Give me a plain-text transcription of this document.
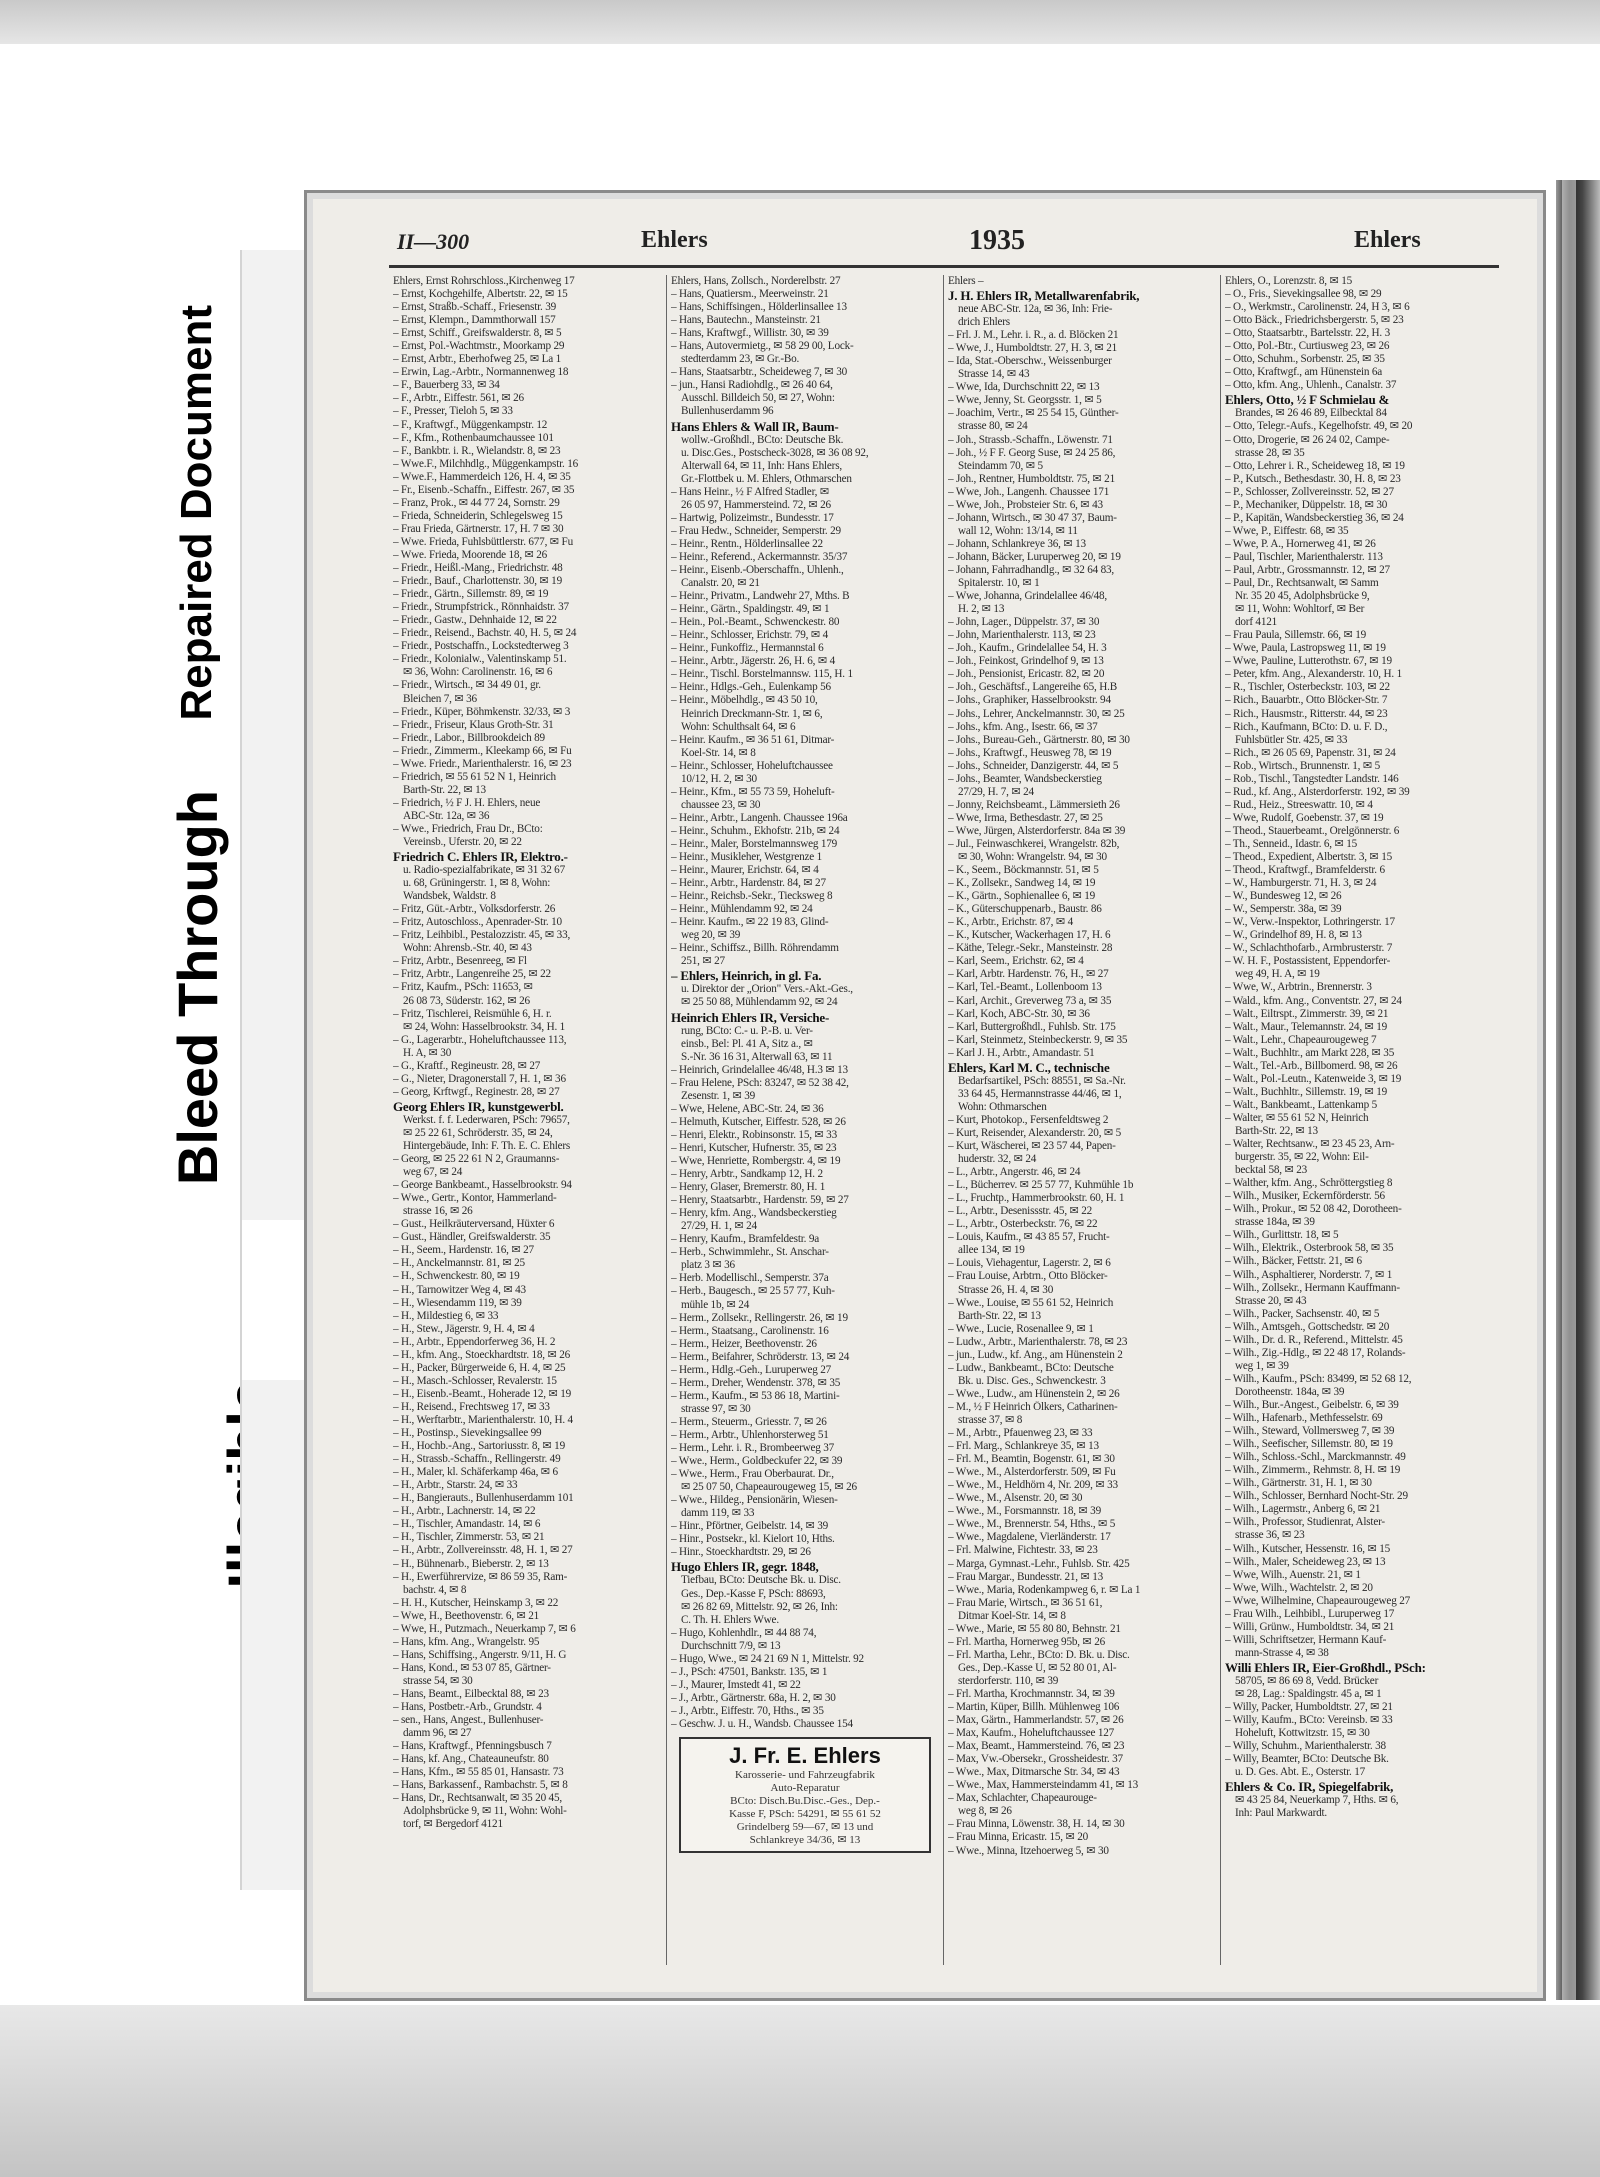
Bleed Through
Repaired Document
II—300	Ehlers	1935	Ehlers
Ehlers, Ernst Rohrschloss.,Kirchenweg 17
– Ernst, Kochgehilfe, Albertstr. 22, ✉ 15
– Ernst, Straßb.-Schaff., Friesenstr. 39
– Ernst, Klempn., Dammthorwall 157
– Ernst, Schiff., Greifswalderstr. 8, ✉ 5
– Ernst, Pol.-Wachtmstr., Moorkamp 29
– Ernst, Arbtr., Eberhofweg 25, ✉ La 1
– Erwin, Lag.-Arbtr., Normannenweg 18
– F., Bauerberg 33, ✉ 34
– F., Arbtr., Eiffestr. 561, ✉ 26
– F., Presser, Tieloh 5, ✉ 33
– F., Kraftwgf., Müggenkampstr. 12
– F., Kfm., Rothenbaumchaussee 101
– F., Bankbtr. i. R., Wielandstr. 8, ✉ 23
– Wwe.F., Milchhdlg., Müggenkampstr. 16
– Wwe.F., Hammerdeich 126, H. 4, ✉ 35
– Fr., Eisenb.-Schaffn., Eiffestr. 267, ✉ 35
– Franz, Prok., ✉ 44 77 24, Sornstr. 29
– Frieda, Schneiderin, Schlegelsweg 15
– Frau Frieda, Gärtnerstr. 17, H. 7 ✉ 30
– Wwe. Frieda, Fuhlsbüttlerstr. 677, ✉ Fu
– Wwe. Frieda, Moorende 18, ✉ 26
– Friedr., Heißl.-Mang., Friedrichstr. 48
– Friedr., Bauf., Charlottenstr. 30, ✉ 19
– Friedr., Gärtn., Sillemstr. 89, ✉ 19
– Friedr., Strumpfstrick., Rönnhaidstr. 37
– Friedr., Gastw., Dehnhaide 12, ✉ 22
– Friedr., Reisend., Bachstr. 40, H. 5, ✉ 24
– Friedr., Postschaffn., Lockstedterweg 3
– Friedr., Kolonialw., Valentinskamp 51.
✉ 36, Wohn: Carolinenstr. 16, ✉ 6
– Friedr., Wirtsch., ✉ 34 49 01, gr.
Bleichen 7, ✉ 36
– Friedr., Küper, Böhmkenstr. 32/33, ✉ 3
– Friedr., Friseur, Klaus Groth-Str. 31
– Friedr., Labor., Billbrookdeich 89
– Friedr., Zimmerm., Kleekamp 66, ✉ Fu
– Wwe. Friedr., Marienthalerstr. 16, ✉ 23
– Friedrich, ✉ 55 61 52 N 1, Heinrich
Barth-Str. 22, ✉ 13
– Friedrich, ½ F J. H. Ehlers, neue
ABC-Str. 12a, ✉ 36
– Wwe., Friedrich, Frau Dr., BCto:
Vereinsb., Uferstr. 20, ✉ 22
Friedrich C. Ehlers IR, Elektro.-
u. Radio-spezialfabrikate, ✉ 31 32 67
u. 68, Grüningerstr. 1, ✉ 8, Wohn:
Wandsbek, Waldstr. 8
– Fritz, Güt.-Arbtr., Volksdorferstr. 26
– Fritz, Autoschloss., Apenrader-Str. 10
– Fritz, Leihbibl., Pestalozzistr. 45, ✉ 33,
Wohn: Ahrensb.-Str. 40, ✉ 43
– Fritz, Arbtr., Besenreeg, ✉ Fl
– Fritz, Arbtr., Langenreihe 25, ✉ 22
– Fritz, Kaufm., PSch: 11653, ✉
26 08 73, Süderstr. 162, ✉ 26
– Fritz, Tischlerei, Reismühle 6, H. r.
✉ 24, Wohn: Hasselbrookstr. 34, H. 1
– G., Lagerarbtr., Hoheluftchaussee 113,
H. A, ✉ 30
– G., Kraftf., Regineustr. 28, ✉ 27
– G., Nieter, Dragonerstall 7, H. 1, ✉ 36
– Georg, Krftwgf., Reginestr. 28, ✉ 27
Georg Ehlers IR, kunstgewerbl.
Werkst. f. f. Lederwaren, PSch: 79657,
✉ 25 22 61, Schröderstr. 35, ✉ 24,
Hintergebäude, Inh: F. Th. E. C. Ehlers
– Georg, ✉ 25 22 61 N 2, Graumanns-
weg 67, ✉ 24
– George Bankbeamt., Hasselbrookstr. 94
– Wwe., Gertr., Kontor, Hammerland-
strasse 16, ✉ 26
– Gust., Heilkräuterversand, Hüxter 6
– Gust., Händler, Greifswalderstr. 35
– H., Seem., Hardenstr. 16, ✉ 27
– H., Anckelmannstr. 81, ✉ 25
– H., Schwenckestr. 80, ✉ 19
– H., Tarnowitzer Weg 4, ✉ 43
– H., Wiesendamm 119, ✉ 39
– H., Mildestieg 6, ✉ 33
– H., Stew., Jägerstr. 9, H. 4, ✉ 4
– H., Arbtr., Eppendorferweg 36, H. 2
– H., kfm. Ang., Stoeckhardtstr. 18, ✉ 26
– H., Packer, Bürgerweide 6, H. 4, ✉ 25
– H., Masch.-Schlosser, Revalerstr. 15
– H., Eisenb.-Beamt., Hoherade 12, ✉ 19
– H., Reisend., Frechtsweg 17, ✉ 33
– H., Werftarbtr., Marienthalerstr. 10, H. 4
– H., Postinsp., Sievekingsallee 99
– H., Hochb.-Ang., Sartoriusstr. 8, ✉ 19
– H., Strassb.-Schaffn., Rellingerstr. 49
– H., Maler, kl. Schäferkamp 46a, ✉ 6
– H., Arbtr., Starstr. 24, ✉ 33
– H., Bangierauts., Bullenhuserdamm 101
– H., Arbtr., Lachnerstr. 14, ✉ 22
– H., Tischler, Amandastr. 14, ✉ 6
– H., Tischler, Zimmerstr. 53, ✉ 21
– H., Arbtr., Zollvereinsstr. 48, H. 1, ✉ 27
– H., Bühnenarb., Bieberstr. 2, ✉ 13
– H., Ewerführervize, ✉ 86 59 35, Ram-
bachstr. 4, ✉ 8
– H. H., Kutscher, Heinskamp 3, ✉ 22
– Wwe, H., Beethovenstr. 6, ✉ 21
– Wwe, H., Putzmach., Neuerkamp 7, ✉ 6
– Hans, kfm. Ang., Wrangelstr. 95
– Hans, Schiffsing., Angerstr. 9/11, H. G
– Hans, Kond., ✉ 53 07 85, Gärtner-
strasse 54, ✉ 30
– Hans, Beamt., Eilbecktal 88, ✉ 23
– Hans, Postbetr.-Arb., Grundstr. 4
– sen., Hans, Angest., Bullenhuser-
damm 96, ✉ 27
– Hans, Kraftwgf., Pfenningsbusch 7
– Hans, kf. Ang., Chateauneufstr. 80
– Hans, Kfm., ✉ 55 85 01, Hansastr. 73
– Hans, Barkassenf., Rambachstr. 5, ✉ 8
– Hans, Dr., Rechtsanwalt, ✉ 35 20 45,
Adolphsbrücke 9, ✉ 11, Wohn: Wohl-
torf, ✉ Bergedorf 4121
Ehlers, Hans, Zollsch., Norderelbstr. 27
– Hans, Quatiersm., Meerweinstr. 21
– Hans, Schiffsingen., Hölderlinsallee 13
– Hans, Bautechn., Mansteinstr. 21
– Hans, Kraftwgf., Willistr. 30, ✉ 39
– Hans, Autovermietg., ✉ 58 29 00, Lock-
stedterdamm 23, ✉ Gr.-Bo.
– Hans, Staatsarbtr., Scheideweg 7, ✉ 30
– jun., Hansi Radiohdlg., ✉ 26 40 64,
Ausschl. Billdeich 50, ✉ 27, Wohn:
Bullenhuserdamm 96
Hans Ehlers & Wall IR, Baum-
wollw.-Großhdl., BCto: Deutsche Bk.
u. Disc.Ges., Postscheck-3028, ✉ 36 08 92,
Alterwall 64, ✉ 11, Inh: Hans Ehlers,
Gr.-Flottbek u. M. Ehlers, Othmarschen
– Hans Heinr., ½ F Alfred Stadler, ✉
26 05 97, Hammersteind. 72, ✉ 26
– Hartwig, Polizeimstr., Bundesstr. 17
– Frau Hedw., Schneider, Semperstr. 29
– Heinr., Rentn., Hölderlinsallee 22
– Heinr., Referend., Ackermannstr. 35/37
– Heinr., Eisenb.-Oberschaffn., Uhlenh.,
Canalstr. 20, ✉ 21
– Heinr., Privatm., Landwehr 27, Mths. B
– Heinr., Gärtn., Spaldingstr. 49, ✉ 1
– Hein., Pol.-Beamt., Schwenckestr. 80
– Heinr., Schlosser, Erichstr. 79, ✉ 4
– Heinr., Funkoffiz., Hermannstal 6
– Heinr., Arbtr., Jägerstr. 26, H. 6, ✉ 4
– Heinr., Tischl. Borstelmannsw. 115, H. 1
– Heinr., Hdlgs.-Geh., Eulenkamp 56
– Heinr., Möbelhdlg., ✉ 43 50 10,
Heinrich Dreckmann-Str. 1, ✉ 6,
Wohn: Schulthsalt 64, ✉ 6
– Heinr. Kaufm., ✉ 36 51 61, Ditmar-
Koel-Str. 14, ✉ 8
– Heinr., Schlosser, Hoheluftchaussee
10/12, H. 2, ✉ 30
– Heinr., Kfm., ✉ 55 73 59, Hoheluft-
chaussee 23, ✉ 30
– Heinr., Arbtr., Langenh. Chaussee 196a
– Heinr., Schuhm., Ekhofstr. 21b, ✉ 24
– Heinr., Maler, Borstelmannsweg 179
– Heinr., Musikleher, Westgrenze 1
– Heinr., Maurer, Erichstr. 64, ✉ 4
– Heinr., Arbtr., Hardenstr. 84, ✉ 27
– Heinr., Reichsb.-Sekr., Tiecksweg 8
– Heinr., Mühlendamm 92, ✉ 24
– Heinr. Kaufm., ✉ 22 19 83, Glind-
weg 20, ✉ 39
– Heinr., Schiffsz., Billh. Röhrendamm
251, ✉ 27
– Ehlers, Heinrich, in gl. Fa.
u. Direktor der „Orion" Vers.-Akt.-Ges.,
✉ 25 50 88, Mühlendamm 92, ✉ 24
Heinrich Ehlers IR, Versiche-
rung, BCto: C.- u. P.-B. u. Ver-
einsb., Bel: Pl. 41 A, Sitz a., ✉
S.-Nr. 36 16 31, Alterwall 63, ✉ 11
– Heinrich, Grindelallee 46/48, H.3 ✉ 13
– Frau Helene, PSch: 83247, ✉ 52 38 42,
Zesenstr. 1, ✉ 39
– Wwe, Helene, ABC-Str. 24, ✉ 36
– Helmuth, Kutscher, Eiffestr. 528, ✉ 26
– Henri, Elektr., Robinsonstr. 15, ✉ 33
– Henri, Kutscher, Hufnerstr. 35, ✉ 23
– Wwe, Henriette, Rombergstr. 4, ✉ 19
– Henry, Arbtr., Sandkamp 12, H. 2
– Henry, Glaser, Bremerstr. 80, H. 1
– Henry, Staatsarbtr., Hardenstr. 59, ✉ 27
– Henry, kfm. Ang., Wandsbeckerstieg
27/29, H. 1, ✉ 24
– Henry, Kaufm., Bramfeldestr. 9a
– Herb., Schwimmlehr., St. Anschar-
platz 3 ✉ 36
– Herb. Modellischl., Semperstr. 37a
– Herb., Baugesch., ✉ 25 57 77, Kuh-
mühle 1b, ✉ 24
– Herm., Zollsekr., Rellingerstr. 26, ✉ 19
– Herm., Staatsang., Carolinenstr. 16
– Herm., Heizer, Beethovenstr. 26
– Herm., Beifahrer, Schröderstr. 13, ✉ 24
– Herm., Hdlg.-Geh., Luruperweg 27
– Herm., Dreher, Wendenstr. 378, ✉ 35
– Herm., Kaufm., ✉ 53 86 18, Martini-
strasse 97, ✉ 30
– Herm., Steuerm., Griesstr. 7, ✉ 26
– Herm., Arbtr., Uhlenhorsterweg 51
– Herm., Lehr. i. R., Brombeerweg 37
– Wwe., Herm., Goldbeckufer 22, ✉ 39
– Wwe., Herm., Frau Oberbaurat. Dr.,
✉ 25 07 50, Chapeaurougeweg 15, ✉ 26
– Wwe., Hildeg., Pensionärin, Wiesen-
damm 119, ✉ 33
– Hinr., Pförtner, Geibelstr. 14, ✉ 39
– Hinr., Postsekr., kl. Kielort 10, Hths.
– Hinr., Stoeckhardtstr. 29, ✉ 26
Hugo Ehlers IR, gegr. 1848,
Tiefbau, BCto: Deutsche Bk. u. Disc.
Ges., Dep.-Kasse F, PSch: 88693,
✉ 26 82 69, Mittelstr. 92, ✉ 26, Inh:
C. Th. H. Ehlers Wwe.
– Hugo, Kohlenhdlr., ✉ 44 88 74,
Durchschnitt 7/9, ✉ 13
– Hugo, Wwe., ✉ 24 21 69 N 1, Mittelstr. 92
– J., PSch: 47501, Bankstr. 135, ✉ 1
– J., Maurer, Imstedt 41, ✉ 22
– J., Arbtr., Gärtnerstr. 68a, H. 2, ✉ 30
– J., Arbtr., Eiffestr. 70, Hths., ✉ 35
– Geschw. J. u. H., Wandsb. Chaussee 154
J. Fr. E. Ehlers
Karosserie- und Fahrzeugfabrik
Auto-Reparatur
BCto: Disch.Bu.Disc.-Ges., Dep.-
Kasse F, PSch: 54291, ✉ 55 61 52
Grindelberg 59—67, ✉ 13 und
Schlankreye 34/36, ✉ 13
Ehlers –
J. H. Ehlers IR, Metallwarenfabrik,
neue ABC-Str. 12a, ✉ 36, Inh: Frie-
drich Ehlers
– Frl. J. M., Lehr. i. R., a. d. Blöcken 21
– Wwe, J., Humboldtstr. 27, H. 3, ✉ 21
– Ida, Stat.-Oberschw., Weissenburger
Strasse 14, ✉ 43
– Wwe, Ida, Durchschnitt 22, ✉ 13
– Wwe, Jenny, St. Georgsstr. 1, ✉ 5
– Joachim, Vertr., ✉ 25 54 15, Günther-
strasse 80, ✉ 24
– Joh., Strassb.-Schaffn., Löwenstr. 71
– Joh., ½ F F. Georg Suse, ✉ 24 25 86,
Steindamm 70, ✉ 5
– Joh., Rentner, Humboldtstr. 75, ✉ 21
– Wwe, Joh., Langenh. Chaussee 171
– Wwe, Joh., Probsteier Str. 6, ✉ 43
– Johann, Wirtsch., ✉ 30 47 37, Baum-
wall 12, Wohn: 13/14, ✉ 11
– Johann, Schlankreye 36, ✉ 13
– Johann, Bäcker, Luruperweg 20, ✉ 19
– Johann, Fahrradhandlg., ✉ 32 64 83,
Spitalerstr. 10, ✉ 1
– Wwe, Johanna, Grindelallee 46/48,
H. 2, ✉ 13
– John, Lager., Düppelstr. 37, ✉ 30
– John, Marienthalerstr. 113, ✉ 23
– Joh., Kaufm., Grindelallee 54, H. 3
– Joh., Feinkost, Grindelhof 9, ✉ 13
– Joh., Pensionist, Ericastr. 82, ✉ 20
– Joh., Geschäftsf., Langereihe 65, H.B
– Johs., Graphiker, Hasselbrookstr. 94
– Johs., Lehrer, Anckelmannstr. 30, ✉ 25
– Johs., kfm. Ang., Isestr. 66, ✉ 37
– Johs., Bureau-Geh., Gärtnerstr. 80, ✉ 30
– Johs., Kraftwgf., Heusweg 78, ✉ 19
– Johs., Schneider, Danzigerstr. 44, ✉ 5
– Johs., Beamter, Wandsbeckerstieg
27/29, H. 7, ✉ 24
– Jonny, Reichsbeamt., Lämmersieth 26
– Wwe, Irma, Bethesdastr. 27, ✉ 25
– Wwe, Jürgen, Alsterdorferstr. 84a ✉ 39
– Jul., Feinwaschkerei, Wrangelstr. 82b,
✉ 30, Wohn: Wrangelstr. 94, ✉ 30
– K., Seem., Böckmannstr. 51, ✉ 5
– K., Zollsekr., Sandweg 14, ✉ 19
– K., Gärtn., Sophienallee 6, ✉ 19
– K., Güterschuppenarb., Baustr. 86
– K., Arbtr., Erichstr. 87, ✉ 4
– K., Kutscher, Wackerhagen 17, H. 6
– Käthe, Telegr.-Sekr., Mansteinstr. 28
– Karl, Seem., Erichstr. 62, ✉ 4
– Karl, Arbtr. Hardenstr. 76, H., ✉ 27
– Karl, Tel.-Beamt., Lollenboom 13
– Karl, Archit., Greverweg 73 a, ✉ 35
– Karl, Koch, ABC-Str. 30, ✉ 36
– Karl, Buttergroßhdl., Fuhlsb. Str. 175
– Karl, Steinmetz, Steinbeckerstr. 9, ✉ 35
– Karl J. H., Arbtr., Amandastr. 51
Ehlers, Karl M. C., technische
Bedarfsartikel, PSch: 88551, ✉ Sa.-Nr.
33 64 45, Hermannstrasse 44/46, ✉ 1,
Wohn: Othmarschen
– Kurt, Photokop., Fersenfeldtsweg 2
– Kurt, Reisender, Alexanderstr. 20, ✉ 5
– Kurt, Wäscherei, ✉ 23 57 44, Papen-
huderstr. 32, ✉ 24
– L., Arbtr., Angerstr. 46, ✉ 24
– L., Bücherrev. ✉ 25 57 77, Kuhmühle 1b
– L., Fruchtp., Hammerbrookstr. 60, H. 1
– L., Arbtr., Desenissstr. 45, ✉ 22
– L., Arbtr., Osterbeckstr. 76, ✉ 22
– Louis, Kaufm., ✉ 43 85 57, Frucht-
allee 134, ✉ 19
– Louis, Viehagentur, Lagerstr. 2, ✉ 6
– Frau Louise, Arbtrn., Otto Blöcker-
Strasse 26, H. 4, ✉ 30
– Wwe., Louise, ✉ 55 61 52, Heinrich
Barth-Str. 22, ✉ 13
– Wwe., Lucie, Rosenallee 9, ✉ 1
– Ludw., Arbtr., Marienthalerstr. 78, ✉ 23
– jun., Ludw., kf. Ang., am Hünenstein 2
– Ludw., Bankbeamt., BCto: Deutsche
Bk. u. Disc. Ges., Schwenckestr. 3
– Wwe., Ludw., am Hünenstein 2, ✉ 26
– M., ½ F Heinrich Ölkers, Catharinen-
strasse 37, ✉ 8
– M., Arbtr., Pfauenweg 23, ✉ 33
– Frl. Marg., Schlankreye 35, ✉ 13
– Frl. M., Beamtin, Bogenstr. 61, ✉ 30
– Wwe., M., Alsterdorferstr. 509, ✉ Fu
– Wwe., M., Heldhörn 4, Nr. 209, ✉ 33
– Wwe., M., Alsenstr. 20, ✉ 30
– Wwe., M., Forsmannstr. 18, ✉ 39
– Wwe., M., Brennerstr. 54, Hths., ✉ 5
– Wwe., Magdalene, Vierländerstr. 17
– Frl. Malwine, Fichtestr. 33, ✉ 23
– Marga, Gymnast.-Lehr., Fuhlsb. Str. 425
– Frau Margar., Bundesstr. 21, ✉ 13
– Wwe., Maria, Rodenkampweg 6, r. ✉ La 1
– Frau Marie, Wirtsch., ✉ 36 51 61,
Ditmar Koel-Str. 14, ✉ 8
– Wwe., Marie, ✉ 55 80 80, Behnstr. 21
– Frl. Martha, Hornerweg 95b, ✉ 26
– Frl. Martha, Lehr., BCto: D. Bk. u. Disc.
Ges., Dep.-Kasse U, ✉ 52 80 01, Al-
sterdorferstr. 110, ✉ 39
– Frl. Martha, Krochmannstr. 34, ✉ 39
– Martin, Küper, Billh. Mühlenweg 106
– Max, Gärtn., Hammerlandstr. 57, ✉ 26
– Max, Kaufm., Hoheluftchaussee 127
– Max, Beamt., Hammersteind. 76, ✉ 23
– Max, Vw.-Obersekr., Grossheidestr. 37
– Wwe., Max, Ditmarsche Str. 34, ✉ 43
– Wwe., Max, Hammersteindamm 41, ✉ 13
– Max, Schlachter, Chapeaurouge-
weg 8, ✉ 26
– Frau Minna, Löwenstr. 38, H. 14, ✉ 30
– Frau Minna, Ericastr. 15, ✉ 20
– Wwe., Minna, Itzehoerweg 5, ✉ 30
Ehlers, O., Lorenzstr. 8, ✉ 15
– O., Fris., Sievekingsallee 98, ✉ 29
– O., Werkmstr., Carolinenstr. 24, H 3, ✉ 6
– Otto Bäck., Friedrichsbergerstr. 5, ✉ 23
– Otto, Staatsarbtr., Bartelsstr. 22, H. 3
– Otto, Pol.-Btr., Curtiusweg 23, ✉ 26
– Otto, Schuhm., Sorbenstr. 25, ✉ 35
– Otto, Kraftwgf., am Hünenstein 6a
– Otto, kfm. Ang., Uhlenh., Canalstr. 37
Ehlers, Otto, ½ F Schmielau &
Brandes, ✉ 26 46 89, Eilbecktal 84
– Otto, Telegr.-Aufs., Kegelhofstr. 49, ✉ 20
– Otto, Drogerie, ✉ 26 24 02, Campe-
strasse 28, ✉ 35
– Otto, Lehrer i. R., Scheideweg 18, ✉ 19
– P., Kutsch., Bethesdastr. 30, H. 8, ✉ 23
– P., Schlosser, Zollvereinsstr. 52, ✉ 27
– P., Mechaniker, Düppelstr. 18, ✉ 30
– P., Kapitän, Wandsbeckerstieg 36, ✉ 24
– Wwe, P., Eiffestr. 68, ✉ 35
– Wwe, P. A., Hornerweg 41, ✉ 26
– Paul, Tischler, Marienthalerstr. 113
– Paul, Arbtr., Grossmannstr. 12, ✉ 27
– Paul, Dr., Rechtsanwalt, ✉ Samm
Nr. 35 20 45, Adolphsbrücke 9,
✉ 11, Wohn: Wohltorf, ✉ Ber
dorf 4121
– Frau Paula, Sillemstr. 66, ✉ 19
– Wwe, Paula, Lastropsweg 11, ✉ 19
– Wwe, Pauline, Lutterothstr. 67, ✉ 19
– Peter, kfm. Ang., Alexanderstr. 10, H. 1
– R., Tischler, Osterbeckstr. 103, ✉ 22
– Rich., Bauarbtr., Otto Blöcker-Str. 7
– Rich., Hausmstr., Ritterstr. 44, ✉ 23
– Rich., Kaufmann, BCto: D. u. F. D.,
Fuhlsbütler Str. 425, ✉ 33
– Rich., ✉ 26 05 69, Papenstr. 31, ✉ 24
– Rob., Wirtsch., Brunnenstr. 1, ✉ 5
– Rob., Tischl., Tangstedter Landstr. 146
– Rud., kf. Ang., Alsterdorferstr. 192, ✉ 39
– Rud., Heiz., Streeswattr. 10, ✉ 4
– Wwe, Rudolf, Goebenstr. 37, ✉ 19
– Theod., Stauerbeamt., Orelgönnerstr. 6
– Th., Senneid., Idastr. 6, ✉ 15
– Theod., Expedient, Albertstr. 3, ✉ 15
– Theod., Kraftwgf., Bramfelderstr. 6
– W., Hamburgerstr. 71, H. 3, ✉ 24
– W., Bundesweg 12, ✉ 26
– W., Semperstr. 38a, ✉ 39
– W., Verw.-Inspektor, Lothringerstr. 17
– W., Grindelhof 89, H. 8, ✉ 13
– W., Schlachthofarb., Armbrusterstr. 7
– W. H. F., Postassistent, Eppendorfer-
weg 49, H. A, ✉ 19
– Wwe, W., Arbtrin., Brennerstr. 3
– Wald., kfm. Ang., Conventstr. 27, ✉ 24
– Walt., Eiltrspt., Zimmerstr. 39, ✉ 21
– Walt., Maur., Telemannstr. 24, ✉ 19
– Walt., Lehr., Chapeaurougeweg 7
– Walt., Buchhltr., am Markt 228, ✉ 35
– Walt., Tel.-Arb., Billbomerd. 98, ✉ 26
– Walt., Pol.-Leutn., Katenweide 3, ✉ 19
– Walt., Buchhltr., Sillemstr. 19, ✉ 19
– Walt., Bankbeamt., Lattenkamp 5
– Walter, ✉ 55 61 52 N, Heinrich
Barth-Str. 22, ✉ 13
– Walter, Rechtsanw., ✉ 23 45 23, Arn-
burgerstr. 35, ✉ 22, Wohn: Eil-
becktal 58, ✉ 23
– Walther, kfm. Ang., Schröttergstieg 8
– Wilh., Musiker, Eckernförderstr. 56
– Wilh., Prokur., ✉ 52 08 42, Dorotheen-
strasse 184a, ✉ 39
– Wilh., Gurlittstr. 18, ✉ 5
– Wilh., Elektrik., Osterbrook 58, ✉ 35
– Wilh., Bäcker, Fettstr. 21, ✉ 6
– Wilh., Asphaltierer, Norderstr. 7, ✉ 1
– Wilh., Zollsekr., Hermann Kauffmann-
Strasse 20, ✉ 43
– Wilh., Packer, Sachsenstr. 40, ✉ 5
– Wilh., Amtsgeh., Gottschedstr. ✉ 20
– Wilh., Dr. d. R., Referend., Mittelstr. 45
– Wilh., Zig.-Hdlg., ✉ 22 48 17, Rolands-
weg 1, ✉ 39
– Wilh., Kaufm., PSch: 83499, ✉ 52 68 12,
Dorotheenstr. 184a, ✉ 39
– Wilh., Bur.-Angest., Geibelstr. 6, ✉ 39
– Wilh., Hafenarb., Methfesselstr. 69
– Wilh., Steward, Vollmersweg 7, ✉ 39
– Wilh., Seefischer, Sillemstr. 80, ✉ 19
– Wilh., Schloss.-Schl., Marckmannstr. 49
– Wilh., Zimmerm., Rehmstr. 8, H. ✉ 19
– Wilh., Gärtnerstr. 31, H. 1, ✉ 30
– Wilh., Schlosser, Bernhard Nocht-Str. 29
– Wilh., Lagermstr., Anberg 6, ✉ 21
– Wilh., Professor, Studienrat, Alster-
strasse 36, ✉ 23
– Wilh., Kutscher, Hessenstr. 16, ✉ 15
– Wilh., Maler, Scheideweg 23, ✉ 13
– Wwe, Wilh., Auenstr. 21, ✉ 1
– Wwe, Wilh., Wachtelstr. 2, ✉ 20
– Wwe, Wilhelmine, Chapeaurougeweg 27
– Frau Wilh., Leihbibl., Luruperweg 17
– Willi, Grünw., Humboldtstr. 34, ✉ 21
– Willi, Schriftsetzer, Hermann Kauf-
mann-Strasse 4, ✉ 38
Willi Ehlers IR, Eier-Großhdl., PSch:
58705, ✉ 86 69 8, Vedd. Brücker
✉ 28, Lag.: Spaldingstr. 45 a, ✉ 1
– Willy, Packer, Humboldtstr. 27, ✉ 21
– Willy, Kaufm., BCto: Vereinsb. ✉ 33
Hoheluft, Kottwitzstr. 15, ✉ 30
– Willy, Schuhm., Marienthalerstr. 38
– Willy, Beamter, BCto: Deutsche Bk.
u. D. Ges. Abt. E., Osterstr. 17
Ehlers & Co. IR, Spiegelfabrik,
✉ 43 25 84, Neuerkamp 7, Hths. ✉ 6,
Inh: Paul Markwardt.
